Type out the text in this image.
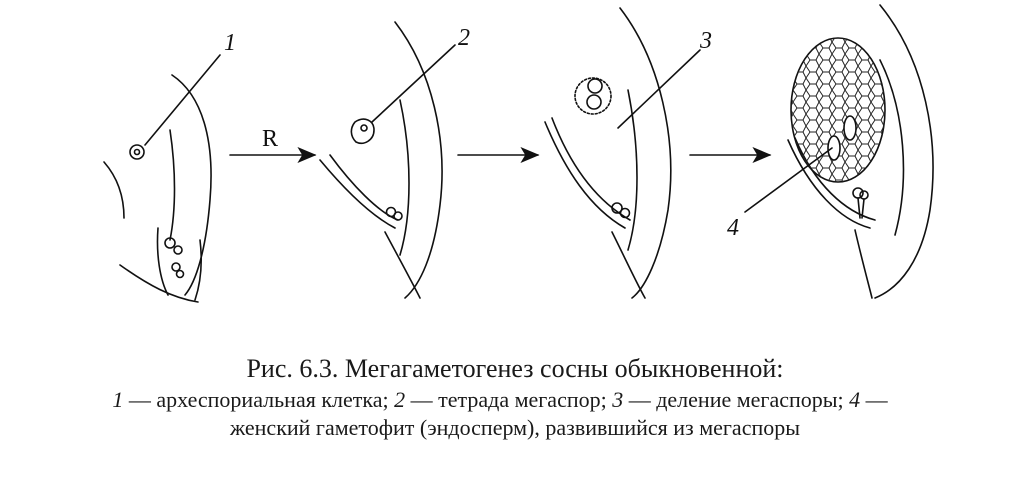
1	2	3
4
R
Рис. 6.3. Мегагаметогенез сосны обыкновенной:
1 — археспориальная клетка; 2 — тетрада мегаспор; 3 — деление мегаспоры; 4 —
женский гаметофит (эндосперм), развившийся из мегаспоры
